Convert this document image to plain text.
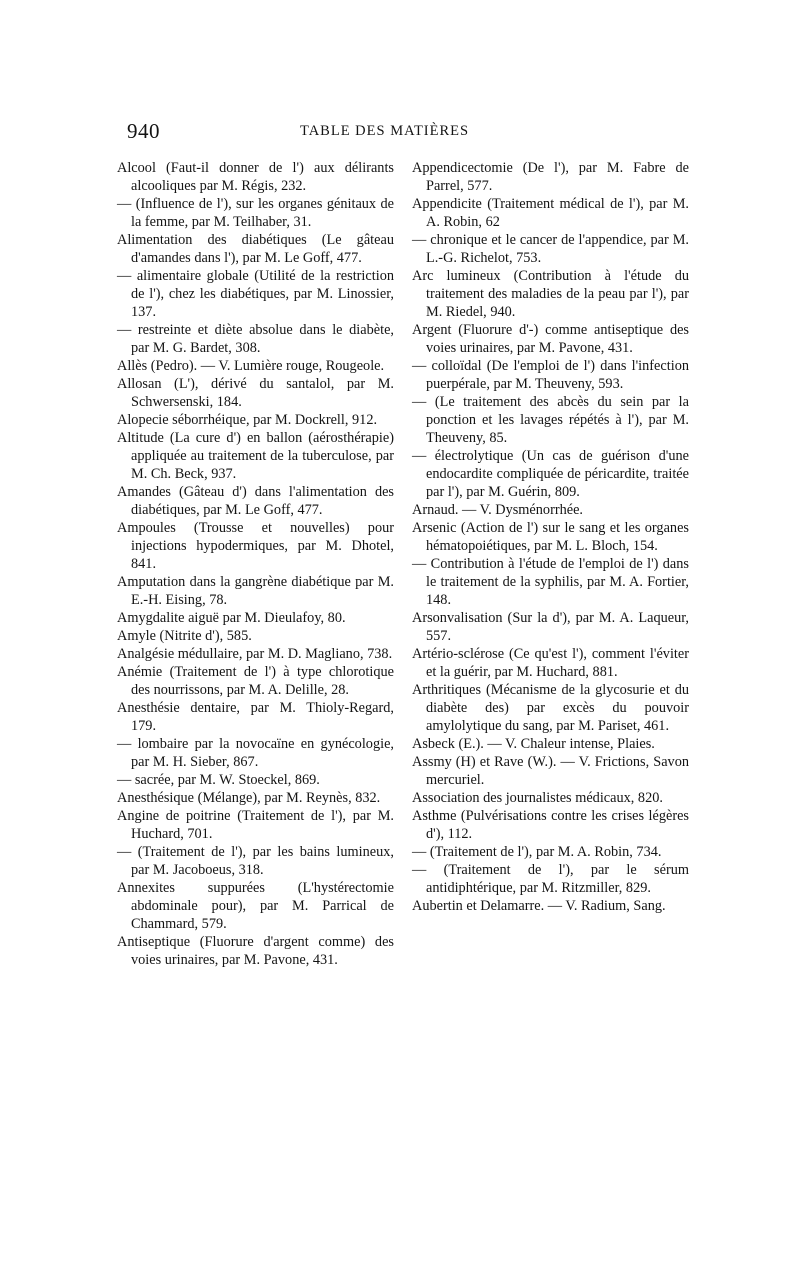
940	TABLE DES MATIÈRES

Alcool (Faut-il donner de l') aux délirants alcooliques par M. Régis, 232.

— (Influence de l'), sur les organes génitaux de la femme, par M. Teilhaber, 31.

Alimentation des diabétiques (Le gâteau d'amandes dans l'), par M. Le Goff, 477.

— alimentaire globale (Utilité de la restriction de l'), chez les diabétiques, par M. Linossier, 137.

— restreinte et diète absolue dans le diabète, par M. G. Bardet, 308.

Allès (Pedro). — V. Lumière rouge, Rougeole.

Allosan (L'), dérivé du santalol, par M. Schwersenski, 184.

Alopecie séborrhéique, par M. Dockrell, 912.

Altitude (La cure d') en ballon (aérosthérapie) appliquée au traitement de la tuberculose, par M. Ch. Beck, 937.

Amandes (Gâteau d') dans l'alimentation des diabétiques, par M. Le Goff, 477.

Ampoules (Trousse et nouvelles) pour injections hypodermiques, par M. Dhotel, 841.

Amputation dans la gangrène diabétique par M. E.-H. Eising, 78.

Amygdalite aiguë par M. Dieulafoy, 80.

Amyle (Nitrite d'), 585.

Analgésie médullaire, par M. D. Magliano, 738.

Anémie (Traitement de l') à type chlorotique des nourrissons, par M. A. Delille, 28.

Anesthésie dentaire, par M. Thioly-Regard, 179.

— lombaire par la novocaïne en gynécologie, par M. H. Sieber, 867.

— sacrée, par M. W. Stoeckel, 869.

Anesthésique (Mélange), par M. Reynès, 832.

Angine de poitrine (Traitement de l'), par M. Huchard, 701.

— (Traitement de l'), par les bains lumineux, par M. Jacoboeus, 318.

Annexites suppurées (L'hystérectomie abdominale pour), par M. Parrical de Chammard, 579.

Antiseptique (Fluorure d'argent comme) des voies urinaires, par M. Pavone, 431.

Appendicectomie (De l'), par M. Fabre de Parrel, 577.

Appendicite (Traitement médical de l'), par M. A. Robin, 62

— chronique et le cancer de l'appendice, par M. L.-G. Richelot, 753.

Arc lumineux (Contribution à l'étude du traitement des maladies de la peau par l'), par M. Riedel, 940.

Argent (Fluorure d'-) comme antiseptique des voies urinaires, par M. Pavone, 431.

— colloïdal (De l'emploi de l') dans l'infection puerpérale, par M. Theuveny, 593.

— (Le traitement des abcès du sein par la ponction et les lavages répétés à l'), par M. Theuveny, 85.

— électrolytique (Un cas de guérison d'une endocardite compliquée de péricardite, traitée par l'), par M. Guérin, 809.

Arnaud. — V. Dysménorrhée.

Arsenic (Action de l') sur le sang et les organes hématopoiétiques, par M. L. Bloch, 154.

— Contribution à l'étude de l'emploi de l') dans le traitement de la syphilis, par M. A. Fortier, 148.

Arsonvalisation (Sur la d'), par M. A. Laqueur, 557.

Artério-sclérose (Ce qu'est l'), comment l'éviter et la guérir, par M. Huchard, 881.

Arthritiques (Mécanisme de la glycosurie et du diabète des) par excès du pouvoir amylolytique du sang, par M. Pariset, 461.

Asbeck (E.). — V. Chaleur intense, Plaies.

Assmy (H) et Rave (W.). — V. Frictions, Savon mercuriel.

Association des journalistes médicaux, 820.

Asthme (Pulvérisations contre les crises légères d'), 112.

— (Traitement de l'), par M. A. Robin, 734.

— (Traitement de l'), par le sérum antidiphtérique, par M. Ritzmiller, 829.

Aubertin et Delamarre. — V. Radium, Sang.
